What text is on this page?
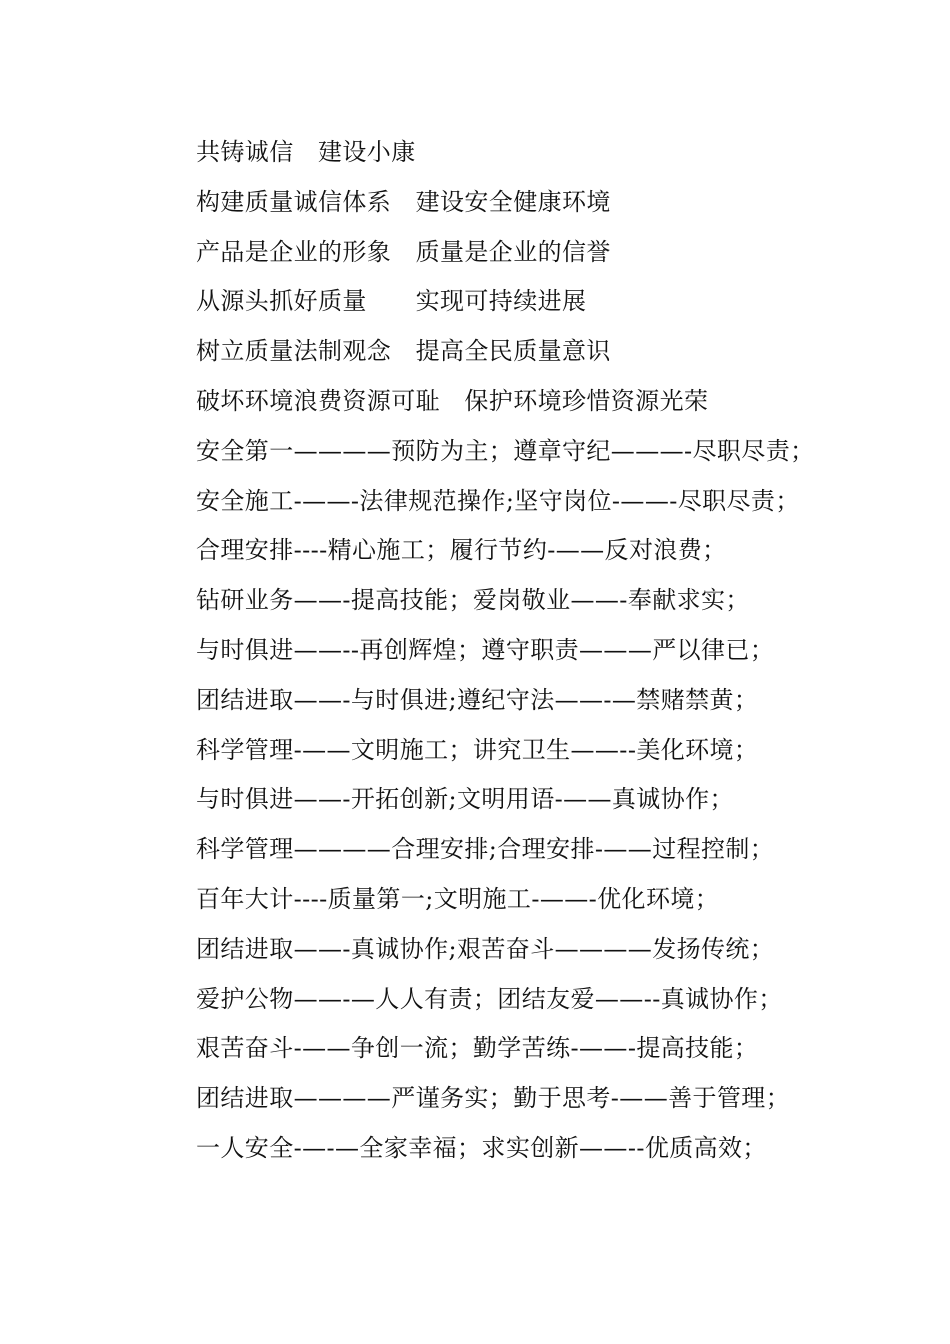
共铸诚信　建设小康
构建质量诚信体系　建设安全健康环境
产品是企业的形象　质量是企业的信誉
从源头抓好质量　　实现可持续进展
树立质量法制观念　提高全民质量意识
破坏环境浪费资源可耻　保护环境珍惜资源光荣
安全第一————预防为主；遵章守纪———-尽职尽责；
安全施工-——-法律规范操作;坚守岗位-——-尽职尽责；
合理安排----精心施工；履行节约-——反对浪费；
钻研业务——-提高技能；爱岗敬业——-奉献求实；
与时俱进——--再创辉煌；遵守职责———严以律已；
团结进取——-与时俱进;遵纪守法——-—禁赌禁黄；
科学管理-——文明施工；讲究卫生——--美化环境；
与时俱进——-开拓创新;文明用语-——真诚协作；
科学管理————合理安排;合理安排-——过程控制；
百年大计----质量第一;文明施工-——-优化环境；
团结进取——-真诚协作;艰苦奋斗————发扬传统；
爱护公物——-—人人有责；团结友爱——--真诚协作；
艰苦奋斗-——争创一流；勤学苦练-——-提高技能；
团结进取————严谨务实；勤于思考-——善于管理；
一人安全-—-—全家幸福；求实创新——--优质高效；
